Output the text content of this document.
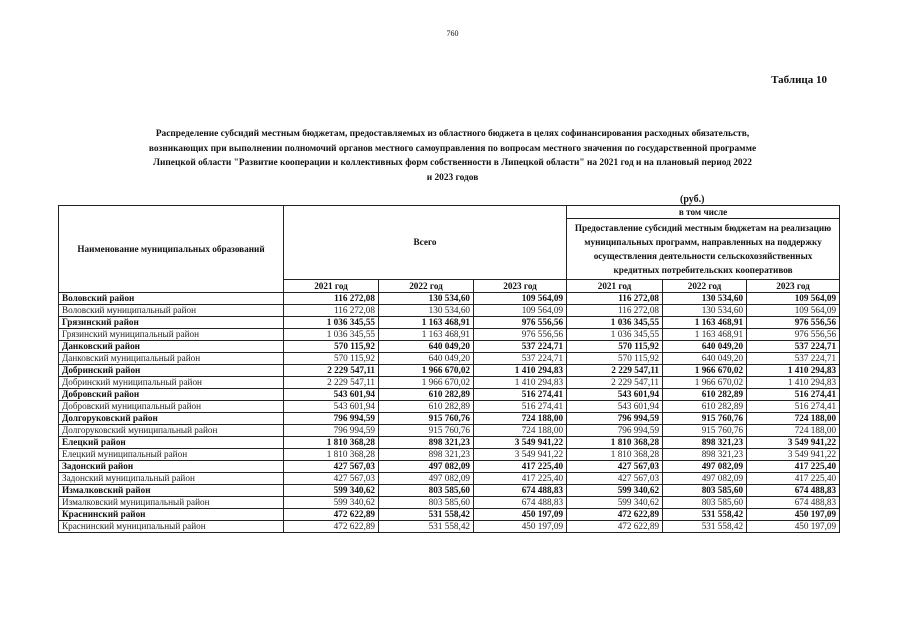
760
Таблица 10
Распределение субсидий местным бюджетам, предоставляемых из областного бюджета в целях софинансирования расходных обязательств,
возникающих при выполнении полномочий органов местного самоуправления по вопросам местного значения по государственной программе
Липецкой области "Развитие кооперации и коллективных форм собственности в Липецкой области" на 2021 год и на плановый период 2022
и 2023 годов
(руб.)
Наименование муниципальных образований	Всего			в том числе		
				Предоставление субсидий местным бюджетам на реализацию муниципальных программ, направленных на поддержку осуществления деятельности сельскохозяйственных кредитных потребительских кооперативов		
	2021 год	2022 год	2023 год	2021 год	2022 год	2023 год
Воловский район	116 272,08	130 534,60	109 564,09	116 272,08	130 534,60	109 564,09
Воловский муниципальный район	116 272,08	130 534,60	109 564,09	116 272,08	130 534,60	109 564,09
Грязинский район	1 036 345,55	1 163 468,91	976 556,56	1 036 345,55	1 163 468,91	976 556,56
Грязинский муниципальный район	1 036 345,55	1 163 468,91	976 556,56	1 036 345,55	1 163 468,91	976 556,56
Данковский район	570 115,92	640 049,20	537 224,71	570 115,92	640 049,20	537 224,71
Данковский муниципальный район	570 115,92	640 049,20	537 224,71	570 115,92	640 049,20	537 224,71
Добринский район	2 229 547,11	1 966 670,02	1 410 294,83	2 229 547,11	1 966 670,02	1 410 294,83
Добринский муниципальный район	2 229 547,11	1 966 670,02	1 410 294,83	2 229 547,11	1 966 670,02	1 410 294,83
Добровский район	543 601,94	610 282,89	516 274,41	543 601,94	610 282,89	516 274,41
Добровский муниципальный район	543 601,94	610 282,89	516 274,41	543 601,94	610 282,89	516 274,41
Долгоруковский район	796 994,59	915 760,76	724 188,00	796 994,59	915 760,76	724 188,00
Долгоруковский муниципальный район	796 994,59	915 760,76	724 188,00	796 994,59	915 760,76	724 188,00
Елецкий район	1 810 368,28	898 321,23	3 549 941,22	1 810 368,28	898 321,23	3 549 941,22
Елецкий муниципальный район	1 810 368,28	898 321,23	3 549 941,22	1 810 368,28	898 321,23	3 549 941,22
Задонский район	427 567,03	497 082,09	417 225,40	427 567,03	497 082,09	417 225,40
Задонский муниципальный район	427 567,03	497 082,09	417 225,40	427 567,03	497 082,09	417 225,40
Измалковский район	599 340,62	803 585,60	674 488,83	599 340,62	803 585,60	674 488,83
Измалковский муниципальный район	599 340,62	803 585,60	674 488,83	599 340,62	803 585,60	674 488,83
Краснинский район	472 622,89	531 558,42	450 197,09	472 622,89	531 558,42	450 197,09
Краснинский муниципальный район	472 622,89	531 558,42	450 197,09	472 622,89	531 558,42	450 197,09
